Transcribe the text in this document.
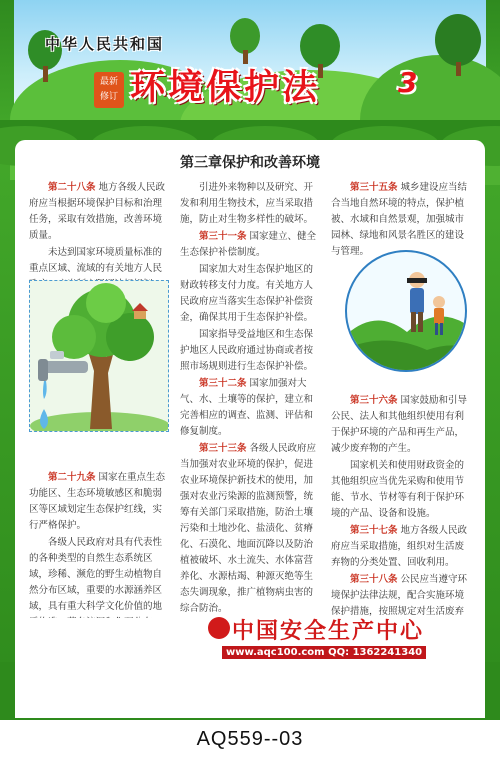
中华人民共和国
最新
修订 环境保护法	3
第三章保护和改善环境

第二十八条 地方各级人民政府应当根据环境保护目标和治理任务，采取有效措施，改善环境质量。

未达到国家环境质量标准的重点区域、流域的有关地方人民

第二十九条 国家在重点生态功能区、生态环境敏感区和脆弱区等区域划定生态保护红线，实行严格保护。

各级人民政府对具有代表性的各种类型的自然生态系统区域，珍稀、濒危的野生动植物自然分布区域，重要的水源涵养区域，具有重大科学文化价值的地

引进外来物种以及研究、开发和利用生物技术，应当采取措施，防止对生物多样性的破坏。

第三十一条 国家建立、健全生态保护补偿制度。

国家加大对生态保护地区的财政转移支付力度。有关地方人民政府应当落实生态保护补偿资金，确保其用于生态保护补偿。

国家指导受益地区和生态保护地区人民政府通过协商或者按照市场规则进行生态保护补偿。

第三十二条 国家加强对大气、水、土壤等的保护，建立和完善相应的调查、监测、评估和修复制度。

第三十三条 各级人民政府应当加强对农业环境的保护，促进农业环境保护新技术的使用，加强对农业污染源的监测预警，统筹有关部门采取措施，防治土壤污染和土地沙化、盐渍化、贫瘠化、石漠化、地面沉降以及防治植被破坏、水土流失、水体富营养化、水源枯竭、种源灭绝等生态失调现象，推广植物病虫害的综合防治。

第三十五条 城乡建设应当结合当地自然环境的特点，保护植被、水域和自然景观，加强城市园林、绿地和风景名胜区的建设与管理。

第三十六条 国家鼓励和引导公民、法人和其他组织使用有利于保护环境的产品和再生产品，减少废弃物的产生。

国家机关和使用财政资金的其他组织应当优先采购和使用节能、节水、节材等有利于保护环境的产品、设备和设施。

第三十七条 地方各级人民政府应当采取措施，组织对生活废弃物的分类处置、回收利用。

第三十八条 公民应当遵守环境保护法律法规，配合实施环境保护措施，按照规定对生活废弃

中国安全生产中心
www.aqc100.com QQ: 1362241340
AQ559--03
